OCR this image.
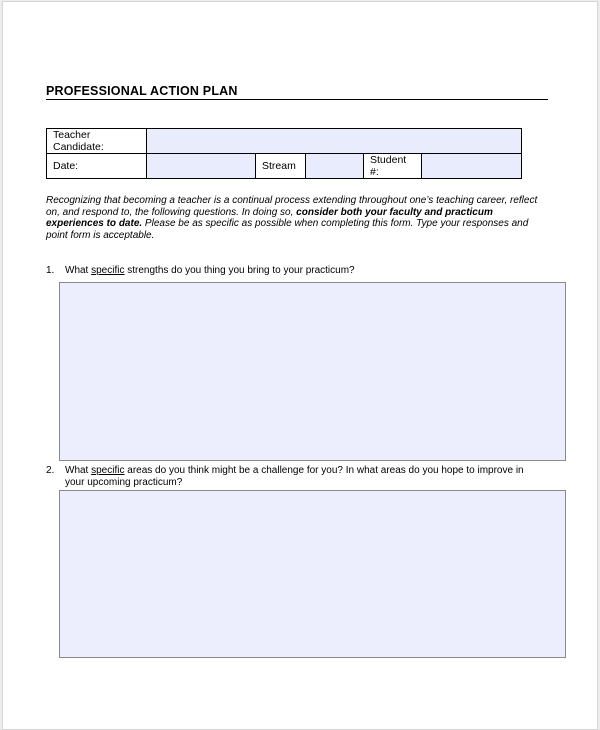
PROFESSIONAL ACTION PLAN
Teacher Candidate:					
Date:		Stream		Student #:	
Recognizing that becoming a teacher is a continual process extending throughout one’s teaching career, reflect on, and respond to, the following questions. In doing so, consider both your faculty and practicum experiences to date. Please be as specific as possible when completing this form. Type your responses and point form is acceptable.
1. What specific strengths do you thing you bring to your practicum?
2. What specific areas do you think might be a challenge for you? In what areas do you hope to improve in your upcoming practicum?
